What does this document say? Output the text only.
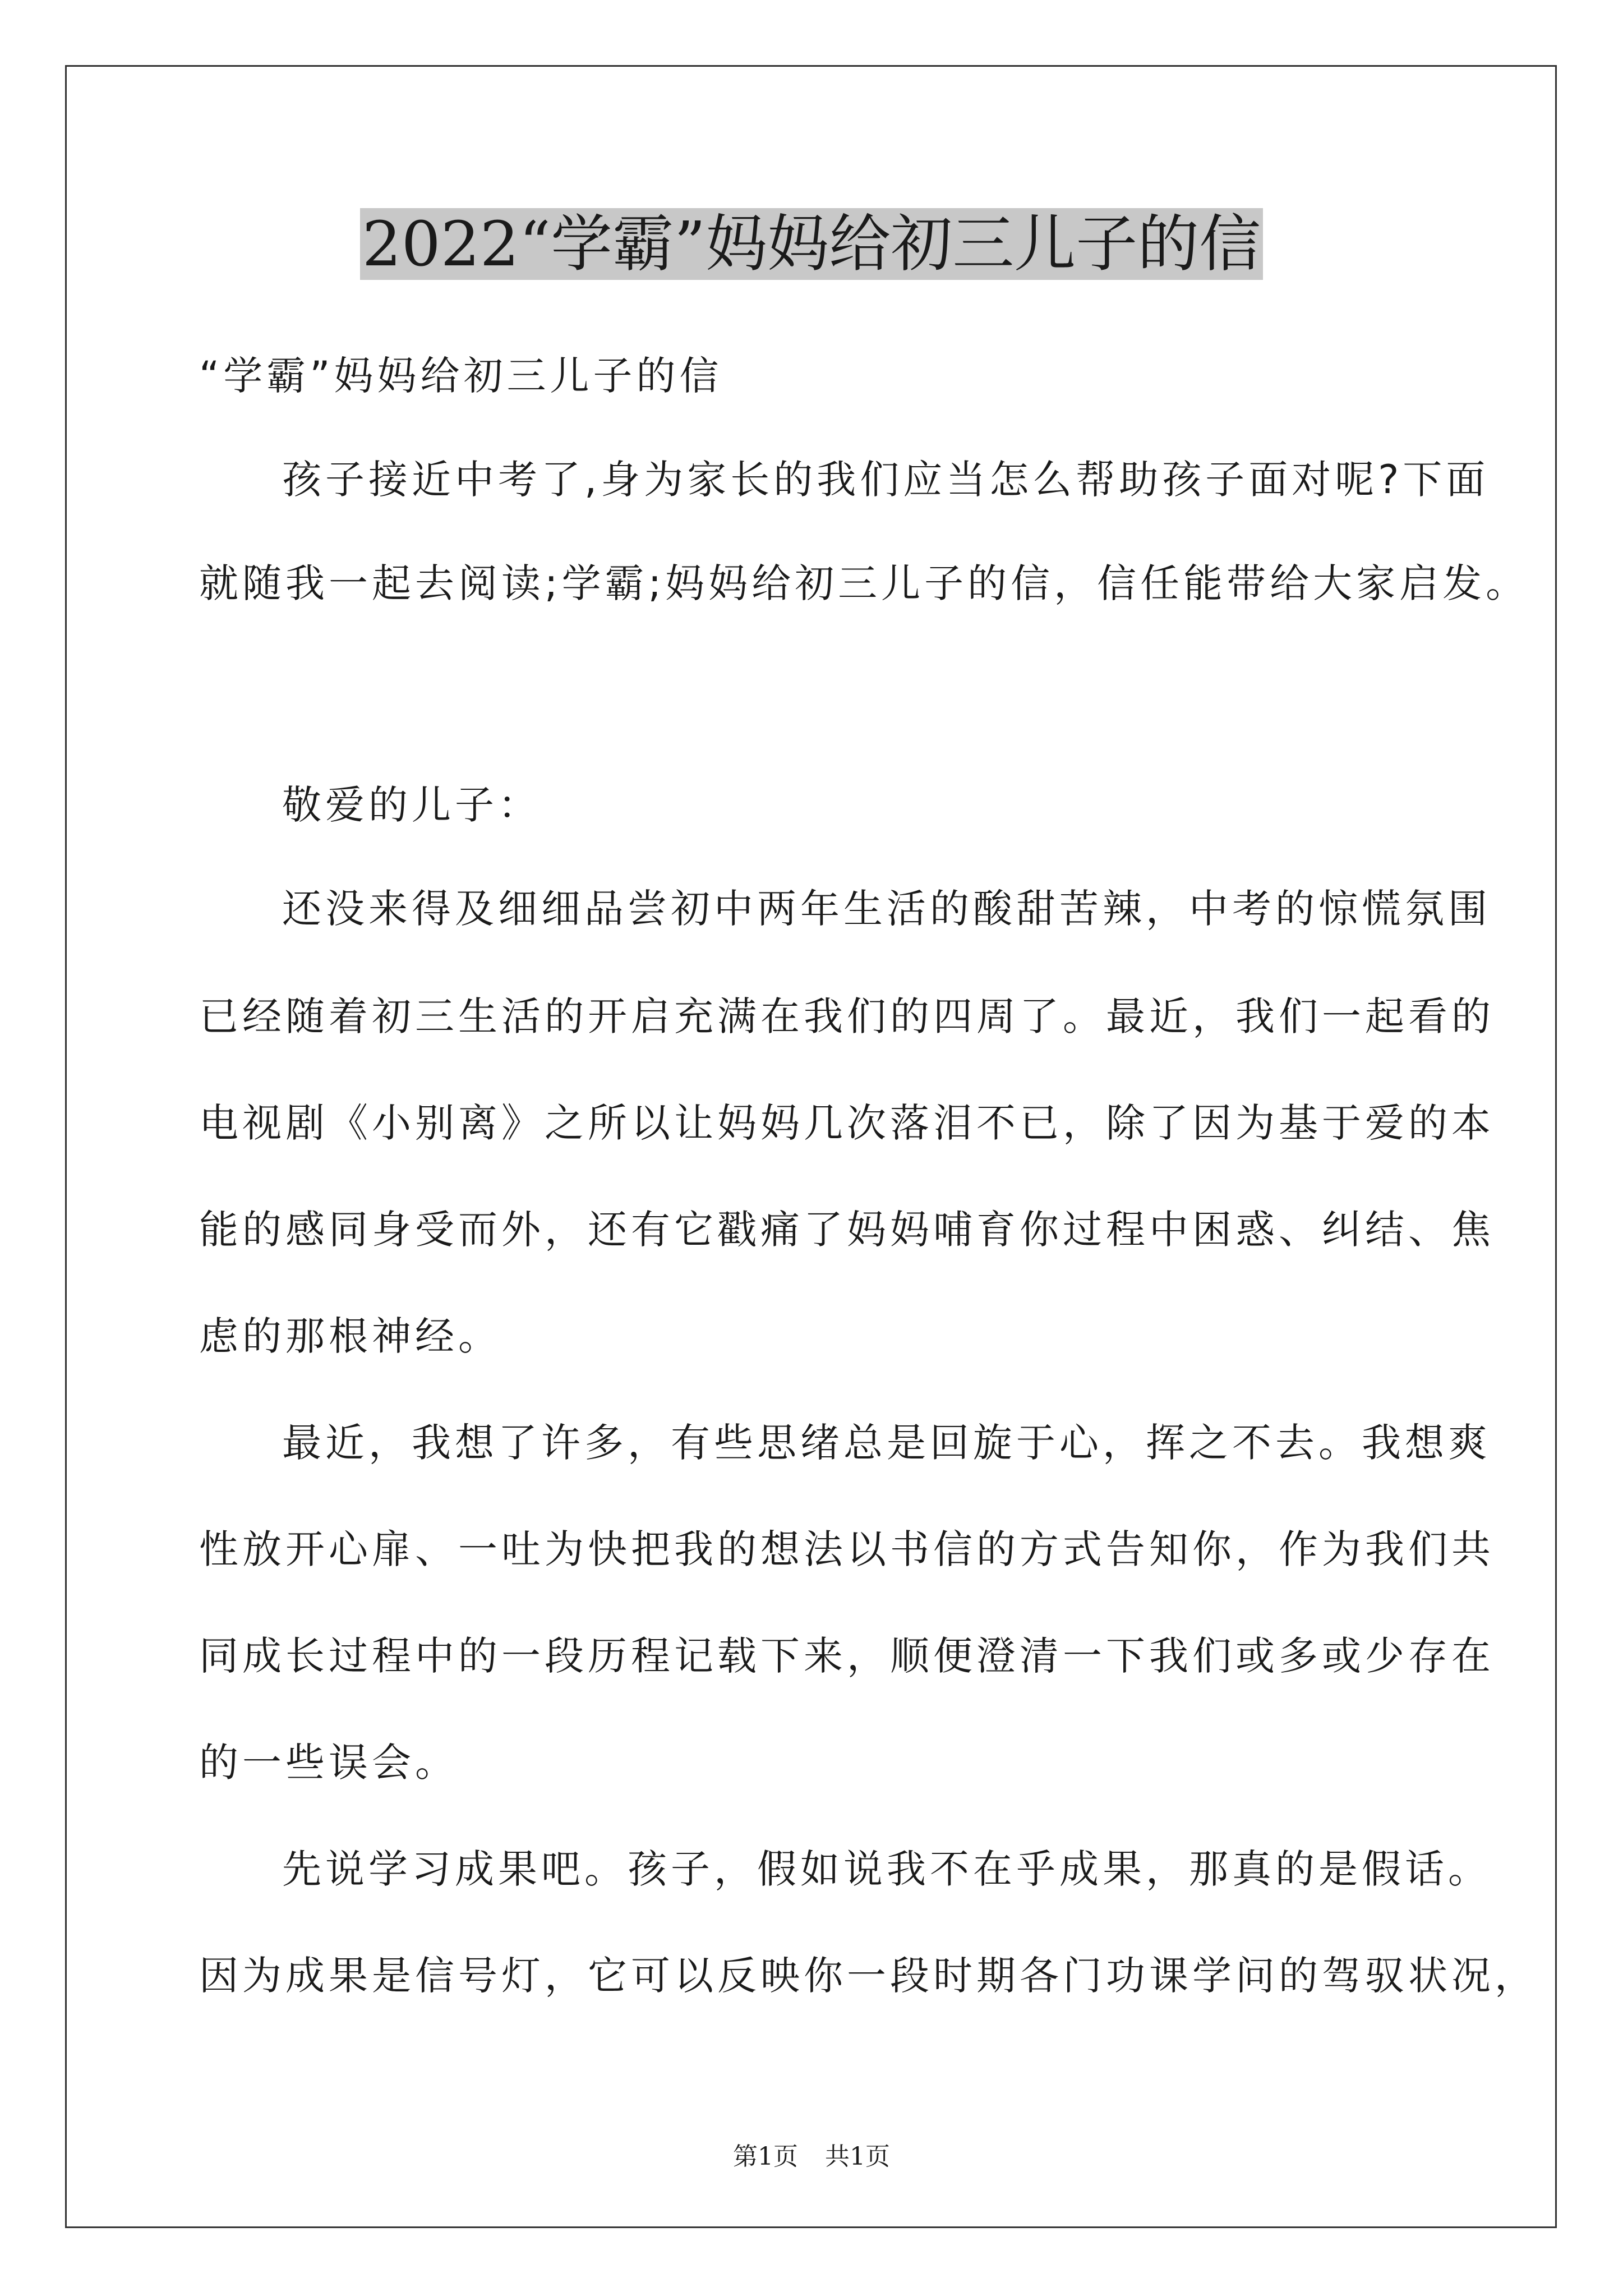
2022“学霸”妈妈给初三儿子的信
“学霸”妈妈给初三儿子的信
孩子接近中考了,身为家长的我们应当怎么帮助孩子面对呢?下面
就随我一起去阅读;学霸;妈妈给初三儿子的信，信任能带给大家启发。
敬爱的儿子：
还没来得及细细品尝初中两年生活的酸甜苦辣，中考的惊慌氛围
已经随着初三生活的开启充满在我们的四周了。最近，我们一起看的
电视剧《小别离》之所以让妈妈几次落泪不已，除了因为基于爱的本
能的感同身受而外，还有它戳痛了妈妈哺育你过程中困惑、纠结、焦
虑的那根神经。
最近，我想了许多，有些思绪总是回旋于心，挥之不去。我想爽
性放开心扉、一吐为快把我的想法以书信的方式告知你，作为我们共
同成长过程中的一段历程记载下来，顺便澄清一下我们或多或少存在
的一些误会。
先说学习成果吧。孩子，假如说我不在乎成果，那真的是假话。
因为成果是信号灯，它可以反映你一段时期各门功课学问的驾驭状况，
第1页 共1页
